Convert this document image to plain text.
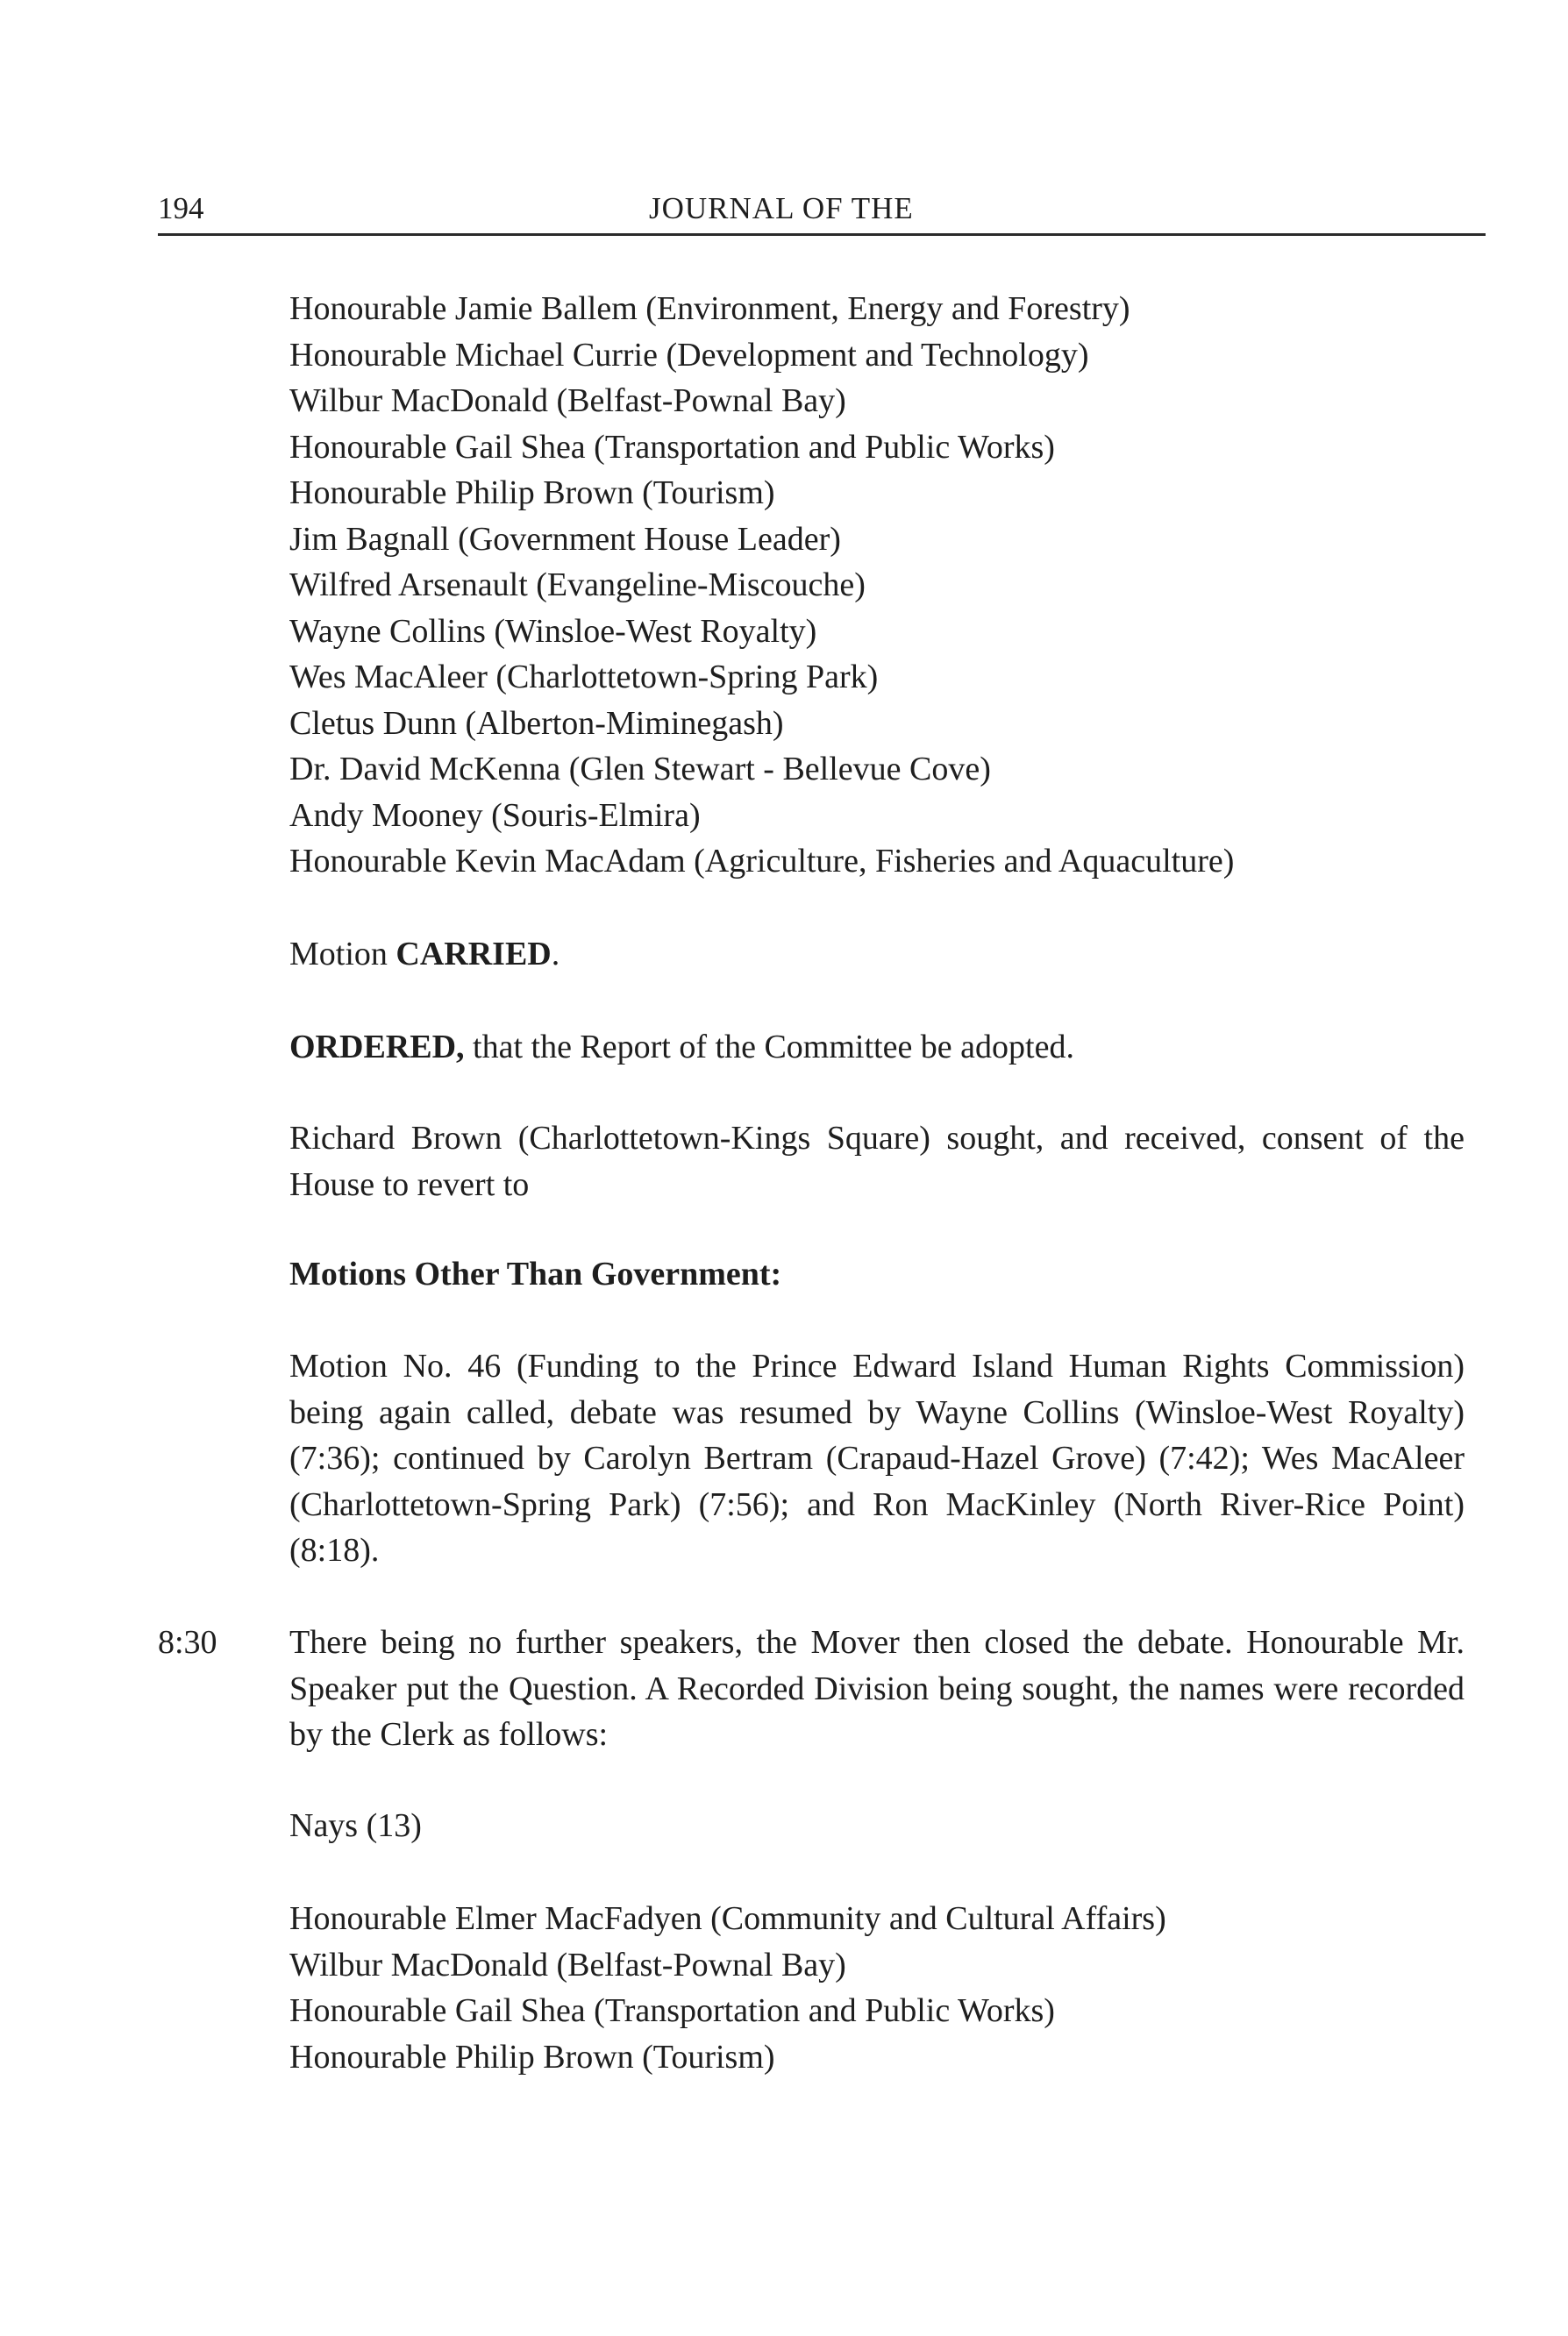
194	JOURNAL OF THE
Honourable Jamie Ballem (Environment, Energy and Forestry)
Honourable Michael Currie (Development and Technology)
Wilbur MacDonald (Belfast-Pownal Bay)
Honourable Gail Shea (Transportation and Public Works)
Honourable Philip Brown (Tourism)
Jim Bagnall (Government House Leader)
Wilfred Arsenault (Evangeline-Miscouche)
Wayne Collins (Winsloe-West Royalty)
Wes MacAleer (Charlottetown-Spring Park)
Cletus Dunn (Alberton-Miminegash)
Dr. David McKenna (Glen Stewart - Bellevue Cove)
Andy Mooney (Souris-Elmira)
Honourable Kevin MacAdam (Agriculture, Fisheries and Aquaculture)
Motion CARRIED.
ORDERED, that the Report of the Committee be adopted.
Richard Brown (Charlottetown-Kings Square) sought, and received, consent of the House to revert to
Motions Other Than Government:
Motion No. 46 (Funding to the Prince Edward Island Human Rights Commission) being again called, debate was resumed by Wayne Collins (Winsloe-West Royalty) (7:36); continued by Carolyn Bertram (Crapaud-Hazel Grove) (7:42); Wes MacAleer (Charlottetown-Spring Park) (7:56); and Ron MacKinley (North River-Rice Point) (8:18).
8:30 There being no further speakers, the Mover then closed the debate. Honourable Mr. Speaker put the Question. A Recorded Division being sought, the names were recorded by the Clerk as follows:
Nays (13)
Honourable Elmer MacFadyen (Community and Cultural Affairs)
Wilbur MacDonald (Belfast-Pownal Bay)
Honourable Gail Shea (Transportation and Public Works)
Honourable Philip Brown (Tourism)
